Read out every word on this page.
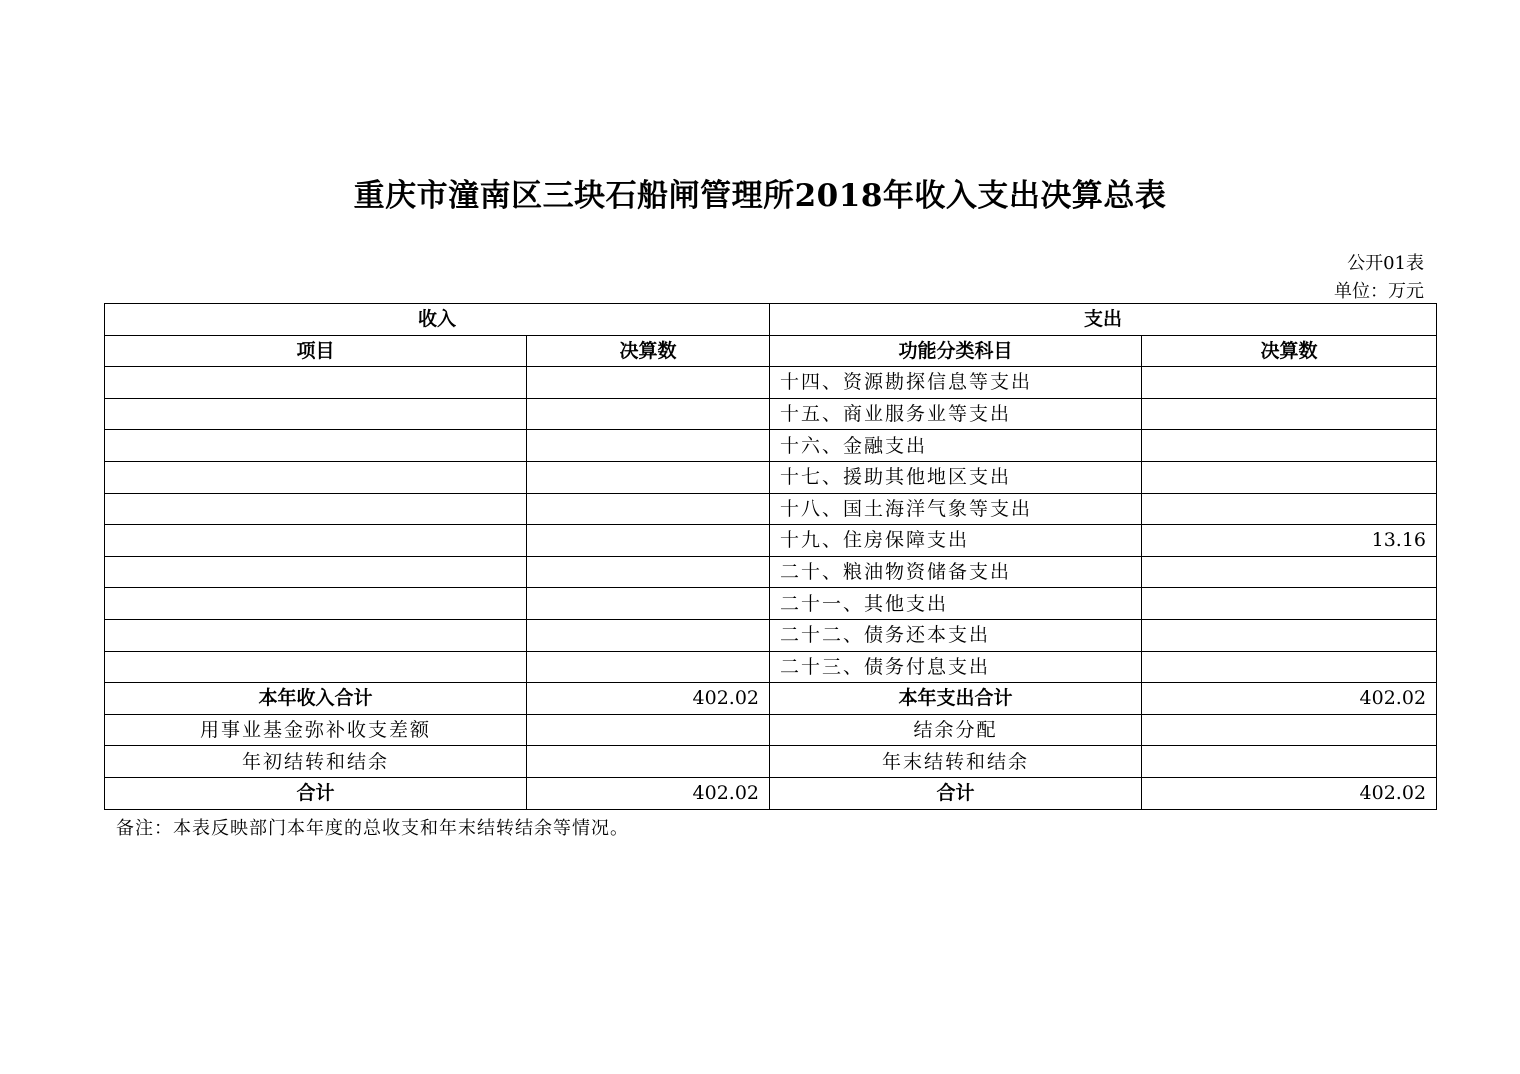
重庆市潼南区三块石船闸管理所2018年收入支出决算总表
公开01表
单位：万元
收入		支出	
项目	决算数	功能分类科目	决算数
		十四、资源勘探信息等支出	
		十五、商业服务业等支出	
		十六、金融支出	
		十七、援助其他地区支出	
		十八、国土海洋气象等支出	
		十九、住房保障支出	13.16
		二十、粮油物资储备支出	
		二十一、其他支出	
		二十二、债务还本支出	
		二十三、债务付息支出	
本年收入合计	402.02	本年支出合计	402.02
用事业基金弥补收支差额		结余分配	
年初结转和结余		年末结转和结余	
合计	402.02	合计	402.02
备注：本表反映部门本年度的总收支和年末结转结余等情况。
